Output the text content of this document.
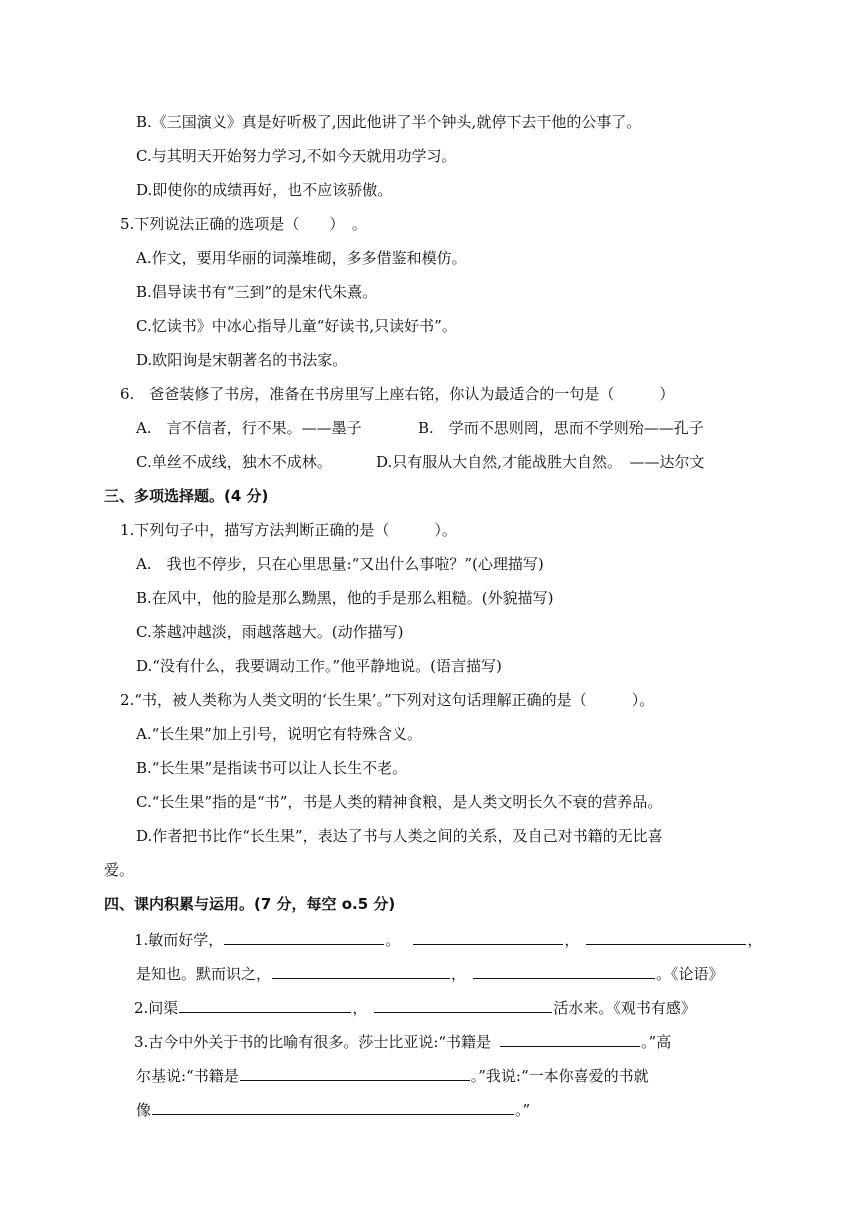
B.《三国演义》真是好听极了,因此他讲了半个钟头,就停下去干他的公事了。
C.与其明天开始努力学习,不如今天就用功学习。
D.即使你的成绩再好，也不应该骄傲。
5.下列说法正确的选项是（　　）　。
A.作文，要用华丽的词藻堆砌，多多借鉴和模仿。
B.倡导读书有“三到”的是宋代朱熹。
C.忆读书》中冰心指导儿童“好读书,只读好书”。
D.欧阳询是宋朝著名的书法家。
6.　爸爸装修了书房，准备在书房里写上座右铭，你认为最适合的一句是（　　　）
A.　言不信者，行不果。——墨子	B.　学而不思则罔，思而不学则殆——孔子
C.单丝不成线，独木不成林。	D.只有服从大自然,才能战胜大自然。　——达尔文
三、多项选择题。(4 分)
1.下列句子中，描写方法判断正确的是（　　　）。
A.　我也不停步，只在心里思量:“又出什么事啦？”(心理描写)
B.在风中，他的脸是那么黝黑，他的手是那么粗糙。(外貌描写)
C.茶越冲越淡，雨越落越大。(动作描写)
D.“没有什么，我要调动工作。”他平静地说。(语言描写)
2.“书，被人类称为人类文明的‘长生果’。”下列对这句话理解正确的是（　　　）。
A.“长生果”加上引号，说明它有特殊含义。
B.“长生果”是指读书可以让人长生不老。
C.“长生果”指的是“书”，书是人类的精神食粮，是人类文明长久不衰的营养品。
D.作者把书比作“长生果”，表达了书与人类之间的关系，及自己对书籍的无比喜
爱。
四、课内积累与运用。(7 分，每空 o.5 分)
1.敏而好学，	。	，	，
是知也。默而识之，	，	。《论语》
2.问渠	，	活水来。《观书有感》
3.古今中外关于书的比喻有很多。莎士比亚说:“书籍是	。”高
尔基说:“书籍是	。”我说:“一本你喜爱的书就
像	。”
